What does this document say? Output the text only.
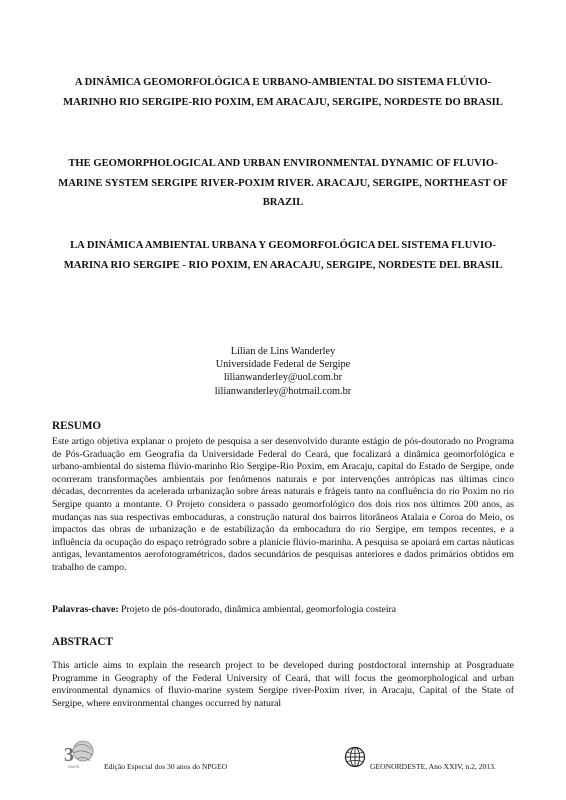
A DINÂMICA GEOMORFOLÓGICA E URBANO-AMBIENTAL DO SISTEMA FLÚVIO-MARINHO RIO SERGIPE-RIO POXIM, EM ARACAJU, SERGIPE, NORDESTE DO BRASIL

THE GEOMORPHOLOGICAL AND URBAN ENVIRONMENTAL DYNAMIC OF FLUVIO-MARINE SYSTEM SERGIPE RIVER-POXIM RIVER. ARACAJU, SERGIPE, NORTHEAST OF BRAZIL

LA DINÁMICA AMBIENTAL URBANA Y GEOMORFOLÓGICA DEL SISTEMA FLUVIO-MARINA RIO SERGIPE - RIO POXIM, EN ARACAJU, SERGIPE, NORDESTE DEL BRASIL

Lílian de Lins Wanderley
Universidade Federal de Sergipe
lilianwanderley@uol.com.br
lilianwanderley@hotmail.com.br
RESUMO

Este artigo objetiva explanar o projeto de pesquisa a ser desenvolvido durante estágio de pós-doutorado no Programa de Pós-Graduação em Geografia da Universidade Federal do Ceará, que focalizará a dinâmica geomorfológica e urbano-ambiental do sistema flúvio-marinho Rio Sergipe-Rio Poxim, em Aracaju, capital do Estado de Sergipe, onde ocorreram transformações ambientais por fenômenos naturais e por intervenções antrópicas nas últimas cinco décadas, decorrentes da acelerada urbanização sobre áreas naturais e frágeis tanto na confluência do rio Poxim no rio Sergipe quanto a montante. O Projeto considera o passado geomorfológico dos dois rios nos últimos 200 anos, as mudanças nas sua respectivas embocaduras, a construção natural dos bairros litorâneos Atalaia e Coroa do Meio, os impactos das obras de urbanização e de estabilização da embocadura do rio Sergipe, em tempos recentes, e a influência da ocupação do espaço retrógrado sobre a planície flúvio-marinha. A pesquisa se apoiará em cartas náuticas antigas, levantamentos aerofotogramétricos, dados secundários de pesquisas anteriores e dados primários obtidos em trabalho de campo.

Palavras-chave: Projeto de pós-doutorado, dinâmica ambiental, geomorfologia costeira

ABSTRACT

This article aims to explain the research project to be developed during postdoctoral internship at Posgraduate Programme in Geography of the Federal University of Ceará, that will focus the geomorphological and urban environmental dynamics of fluvio-marine system Sergipe river-Poxim river, in Aracaju, Capital of the State of Sergipe, where environmental changes occurred by natural

3
ANOS	Edição Especial dos 30 anos do NPGEO	GEONORDESTE, Ano XXIV, n.2, 2013.
